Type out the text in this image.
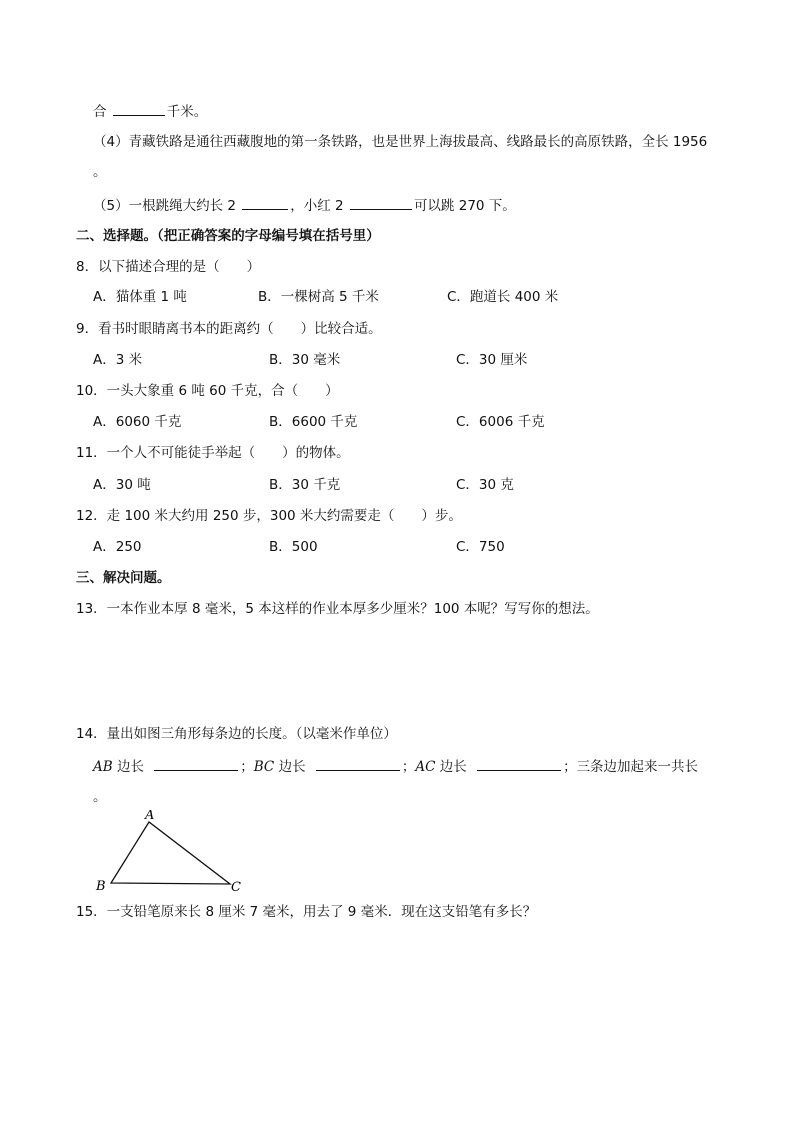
合	千米。
（4）青藏铁路是通往西藏腹地的第一条铁路，也是世界上海拔最高、线路最长的高原铁路，全长 1956
。
（5）一根跳绳大约长 2	，小红 2	可以跳 270 下。
二、选择题。（把正确答案的字母编号填在括号里）
8．以下描述合理的是（　　）
A．猫体重 1 吨	B．一棵树高 5 千米	C．跑道长 400 米
9．看书时眼睛离书本的距离约（　　）比较合适。
A．3 米	B．30 毫米	C．30 厘米
10．一头大象重 6 吨 60 千克，合（　　）
A．6060 千克	B．6600 千克	C．6006 千克
11．一个人不可能徒手举起（　　）的物体。
A．30 吨	B．30 千克	C．30 克
12．走 100 米大约用 250 步，300 米大约需要走（　　）步。
A．250	B．500	C．750
三、解决问题。
13．一本作业本厚 8 毫米，5 本这样的作业本厚多少厘米？100 本呢？写写你的想法。
14．量出如图三角形每条边的长度。（以毫米作单位）
AB 边长	；BC 边长	；AC 边长	；三条边加起来一共长
。
A
B	C
15．一支铅笔原来长 8 厘米 7 毫米，用去了 9 毫米．现在这支铅笔有多长？
